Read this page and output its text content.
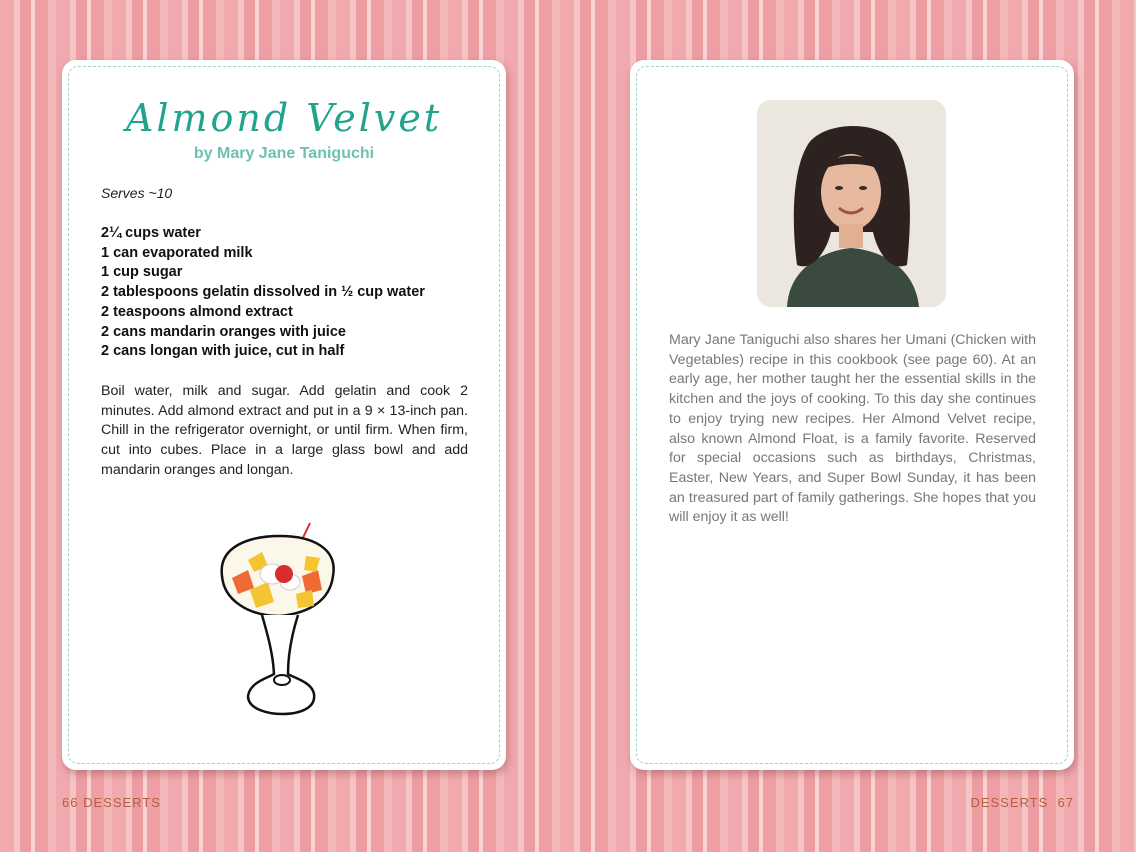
Almond Velvet
by Mary Jane Taniguchi
Serves ~10
2¼ cups water
1 can evaporated milk
1 cup sugar
2 tablespoons gelatin dissolved in ½ cup water
2 teaspoons almond extract
2 cans mandarin oranges with juice
2 cans longan with juice, cut in half

Boil water, milk and sugar. Add gelatin and cook 2 minutes. Add almond extract and put in a 9 × 13-inch pan. Chill in the refrigerator overnight, or until firm. When firm, cut into cubes. Place in a large glass bowl and add mandarin oranges and longan.

Mary Jane Taniguchi also shares her Umani (Chicken with Vegetables) recipe in this cookbook (see page 60). At an early age, her mother taught her the essential skills in the kitchen and the joys of cooking. To this day she continues to enjoy trying new recipes. Her Almond Velvet recipe, also known Almond Float, is a family favorite. Reserved for special occasions such as birthdays, Christmas, Easter, New Years, and Super Bowl Sunday, it has been an treasured part of family gatherings. She hopes that you will enjoy it as well!

66 DESSERTS	DESSERTS 67
